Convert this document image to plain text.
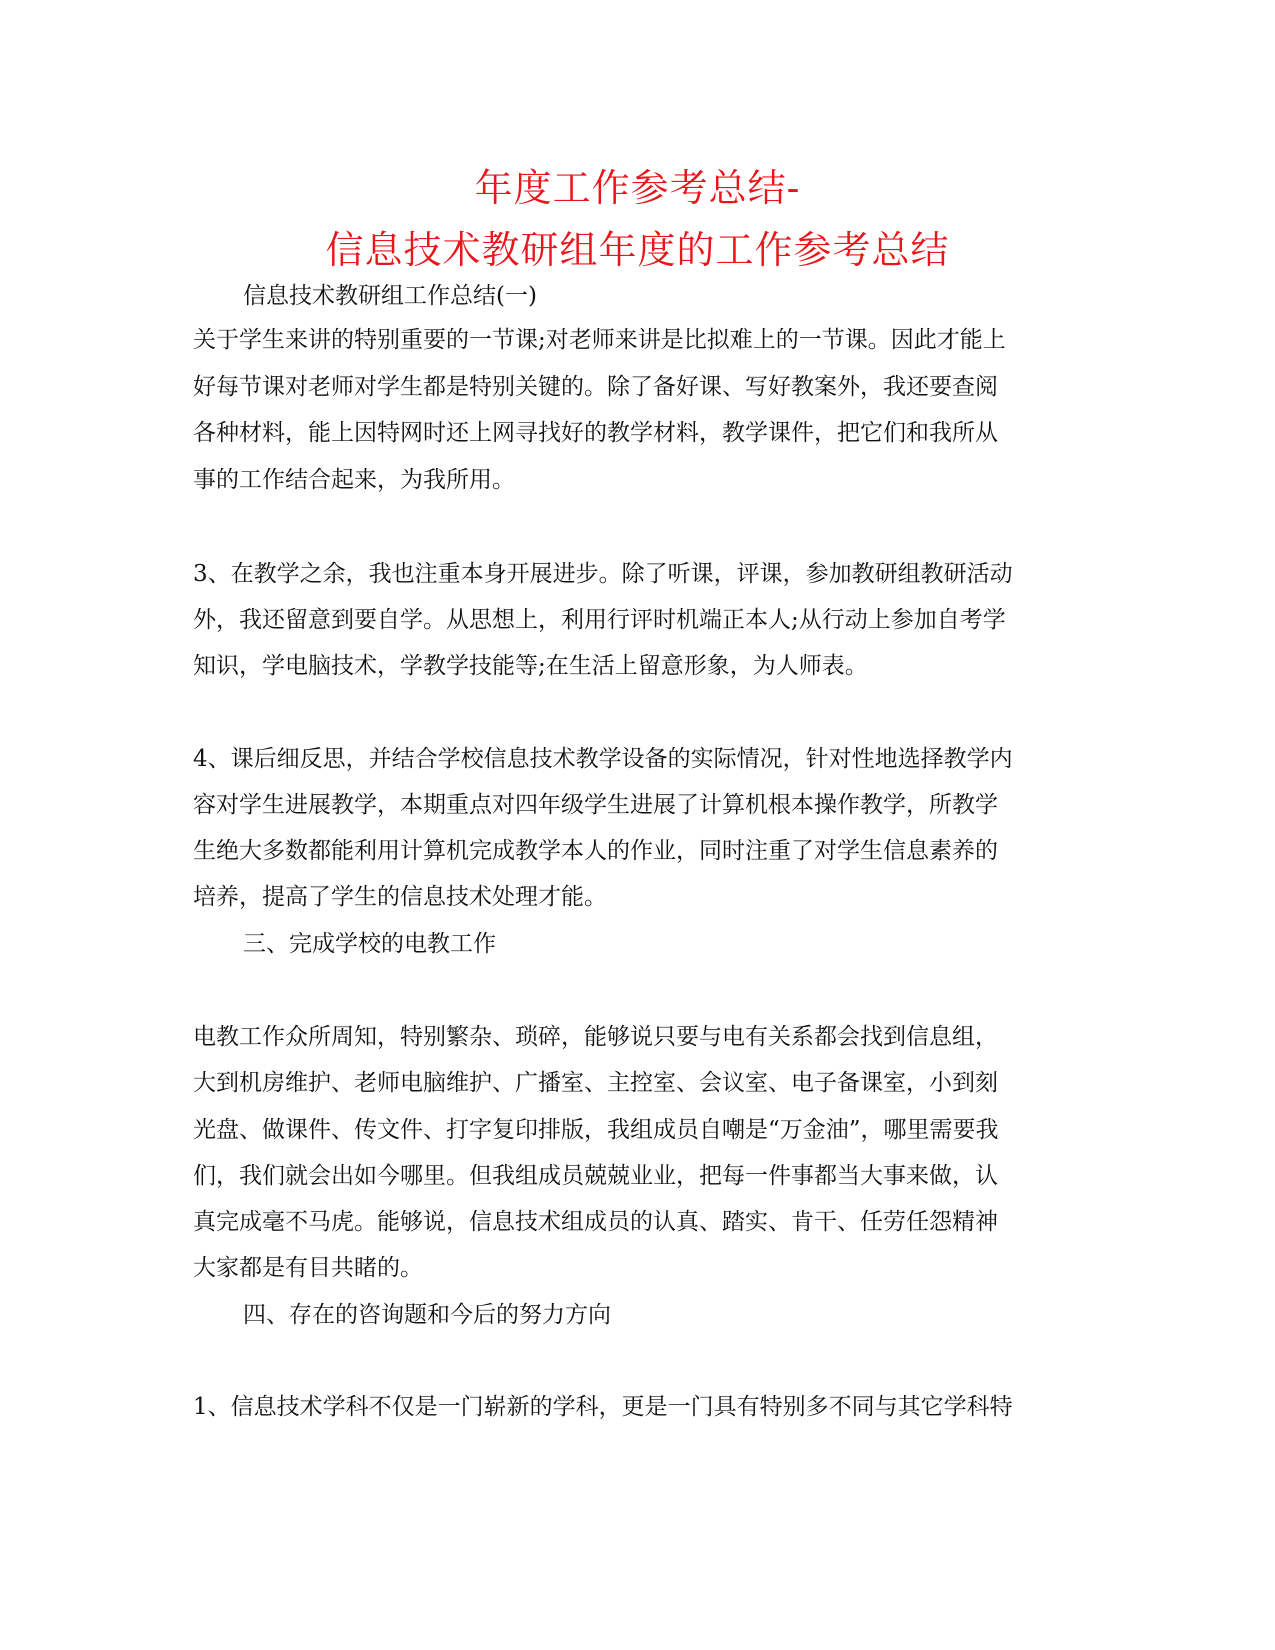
年度工作参考总结-
信息技术教研组年度的工作参考总结

信息技术教研组工作总结(一)

关于学生来讲的特别重要的一节课;对老师来讲是比拟难上的一节课。因此才能上

好每节课对老师对学生都是特别关键的。除了备好课、写好教案外，我还要查阅

各种材料，能上因特网时还上网寻找好的教学材料，教学课件，把它们和我所从

事的工作结合起来，为我所用。

3、在教学之余，我也注重本身开展进步。除了听课，评课，参加教研组教研活动

外，我还留意到要自学。从思想上，利用行评时机端正本人;从行动上参加自考学

知识，学电脑技术，学教学技能等;在生活上留意形象，为人师表。

4、课后细反思，并结合学校信息技术教学设备的实际情况，针对性地选择教学内

容对学生进展教学，本期重点对四年级学生进展了计算机根本操作教学，所教学

生绝大多数都能利用计算机完成教学本人的作业，同时注重了对学生信息素养的

培养，提高了学生的信息技术处理才能。

三、完成学校的电教工作

电教工作众所周知，特别繁杂、琐碎，能够说只要与电有关系都会找到信息组，

大到机房维护、老师电脑维护、广播室、主控室、会议室、电子备课室，小到刻

光盘、做课件、传文件、打字复印排版，我组成员自嘲是“万金油”，哪里需要我

们，我们就会出如今哪里。但我组成员兢兢业业，把每一件事都当大事来做，认

真完成毫不马虎。能够说，信息技术组成员的认真、踏实、肯干、任劳任怨精神

大家都是有目共睹的。

四、存在的咨询题和今后的努力方向

1、信息技术学科不仅是一门崭新的学科，更是一门具有特别多不同与其它学科特
